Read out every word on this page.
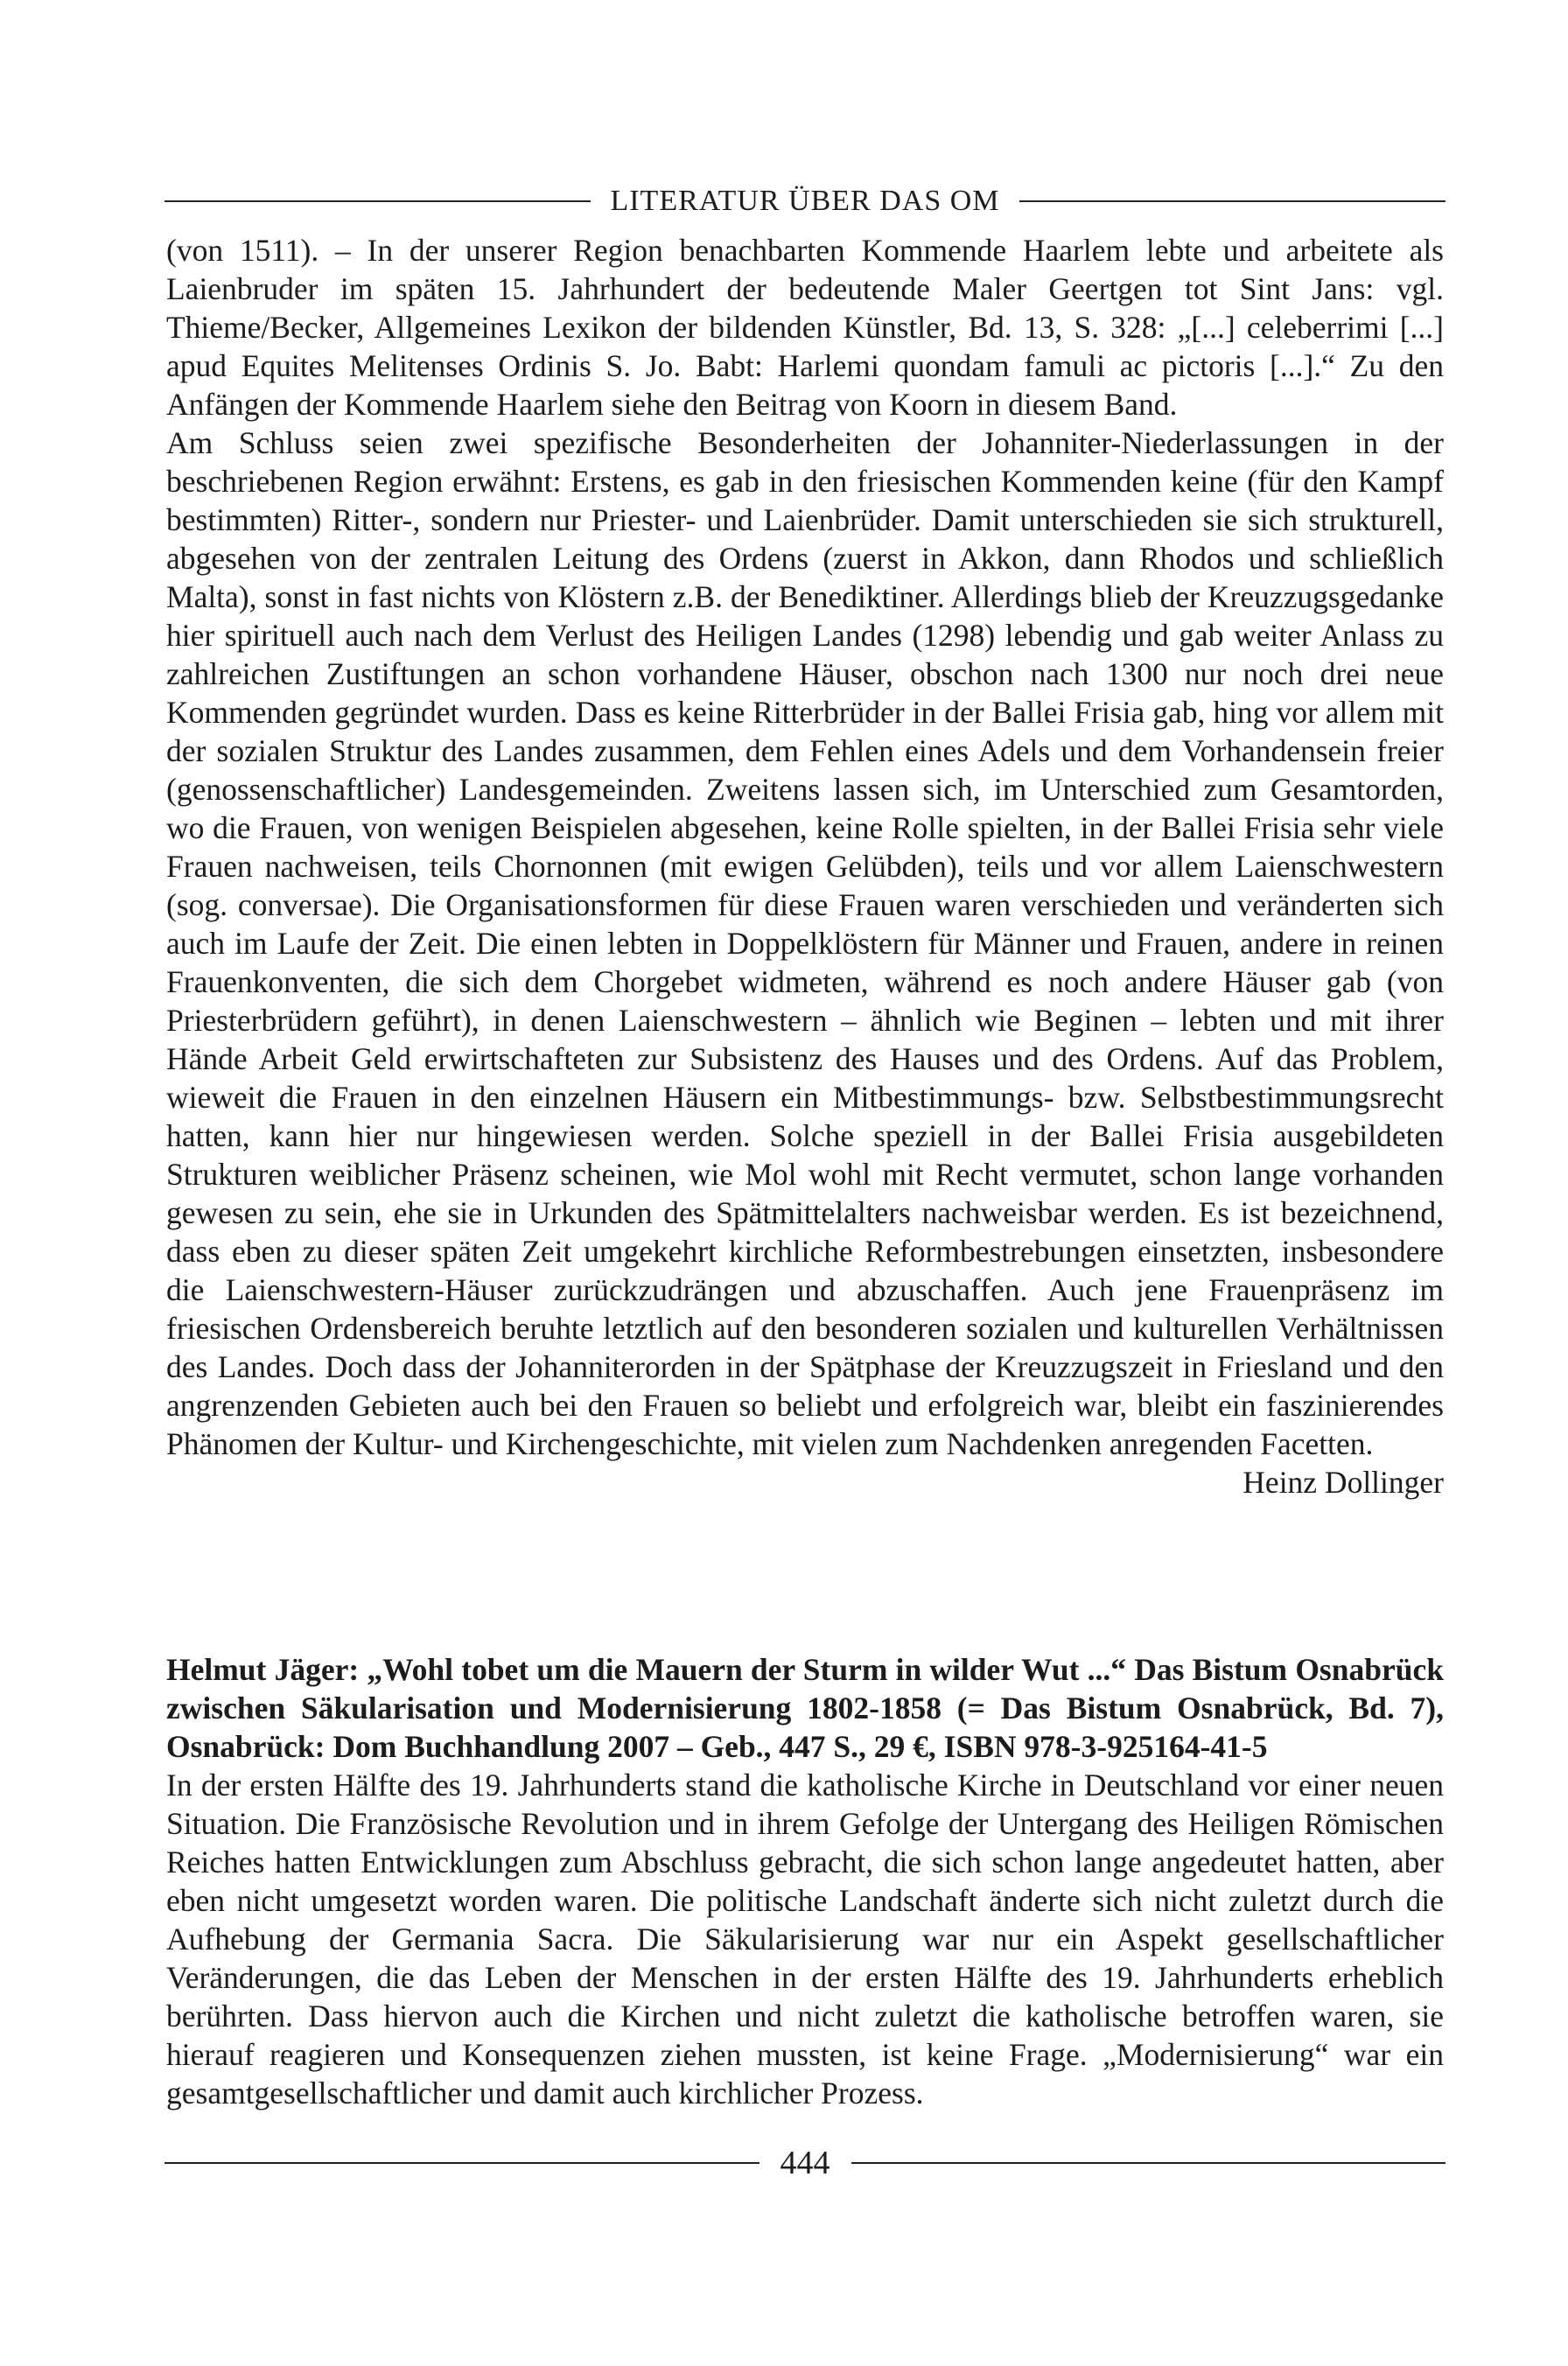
LITERATUR ÜBER DAS OM

(von 1511). – In der unserer Region benachbarten Kommende Haarlem lebte und arbeitete als Laienbruder im späten 15. Jahrhundert der bedeutende Maler Geertgen tot Sint Jans: vgl. Thieme/Becker, Allgemeines Lexikon der bildenden Künstler, Bd. 13, S. 328: „[...] celeberrimi [...] apud Equites Melitenses Ordinis S. Jo. Babt: Harlemi quondam famuli ac pictoris [...].“ Zu den Anfängen der Kommende Haarlem siehe den Beitrag von Koorn in diesem Band.

Am Schluss seien zwei spezifische Besonderheiten der Johanniter-Niederlassungen in der beschriebenen Region erwähnt: Erstens, es gab in den friesischen Kommenden keine (für den Kampf bestimmten) Ritter-, sondern nur Priester- und Laienbrüder. Damit unterschieden sie sich strukturell, abgesehen von der zentralen Leitung des Ordens (zuerst in Akkon, dann Rhodos und schließlich Malta), sonst in fast nichts von Klöstern z.B. der Benediktiner. Allerdings blieb der Kreuzzugsgedanke hier spirituell auch nach dem Verlust des Heiligen Landes (1298) lebendig und gab weiter Anlass zu zahlreichen Zustiftungen an schon vorhandene Häuser, obschon nach 1300 nur noch drei neue Kommenden gegründet wurden. Dass es keine Ritterbrüder in der Ballei Frisia gab, hing vor allem mit der sozialen Struktur des Landes zusammen, dem Fehlen eines Adels und dem Vorhandensein freier (genossenschaftlicher) Landesgemeinden. Zweitens lassen sich, im Unterschied zum Gesamtorden, wo die Frauen, von wenigen Beispielen abgesehen, keine Rolle spielten, in der Ballei Frisia sehr viele Frauen nachweisen, teils Chornonnen (mit ewigen Gelübden), teils und vor allem Laienschwestern (sog. conversae). Die Organisationsformen für diese Frauen waren verschieden und veränderten sich auch im Laufe der Zeit. Die einen lebten in Doppelklöstern für Männer und Frauen, andere in reinen Frauenkonventen, die sich dem Chorgebet widmeten, während es noch andere Häuser gab (von Priesterbrüdern geführt), in denen Laienschwestern – ähnlich wie Beginen – lebten und mit ihrer Hände Arbeit Geld erwirtschafteten zur Subsistenz des Hauses und des Ordens. Auf das Problem, wieweit die Frauen in den einzelnen Häusern ein Mitbestimmungs- bzw. Selbstbestimmungsrecht hatten, kann hier nur hingewiesen werden. Solche speziell in der Ballei Frisia ausgebildeten Strukturen weiblicher Präsenz scheinen, wie Mol wohl mit Recht vermutet, schon lange vorhanden gewesen zu sein, ehe sie in Urkunden des Spätmittelalters nachweisbar werden. Es ist bezeichnend, dass eben zu dieser späten Zeit umgekehrt kirchliche Reformbestrebungen einsetzten, insbesondere die Laienschwestern-Häuser zurückzudrängen und abzuschaffen. Auch jene Frauenpräsenz im friesischen Ordensbereich beruhte letztlich auf den besonderen sozialen und kulturellen Verhältnissen des Landes. Doch dass der Johanniterorden in der Spätphase der Kreuzzugszeit in Friesland und den angrenzenden Gebieten auch bei den Frauen so beliebt und erfolgreich war, bleibt ein faszinierendes Phänomen der Kultur- und Kirchengeschichte, mit vielen zum Nachdenken anregenden Facetten.

Heinz Dollinger

Helmut Jäger: „Wohl tobet um die Mauern der Sturm in wilder Wut ...“ Das Bistum Osnabrück zwischen Säkularisation und Modernisierung 1802-1858 (= Das Bistum Osnabrück, Bd. 7), Osnabrück: Dom Buchhandlung 2007 – Geb., 447 S., 29 €, ISBN 978-3-925164-41-5

In der ersten Hälfte des 19. Jahrhunderts stand die katholische Kirche in Deutschland vor einer neuen Situation. Die Französische Revolution und in ihrem Gefolge der Untergang des Heiligen Römischen Reiches hatten Entwicklungen zum Abschluss gebracht, die sich schon lange angedeutet hatten, aber eben nicht umgesetzt worden waren. Die politische Landschaft änderte sich nicht zuletzt durch die Aufhebung der Germania Sacra. Die Säkularisierung war nur ein Aspekt gesellschaftlicher Veränderungen, die das Leben der Menschen in der ersten Hälfte des 19. Jahrhunderts erheblich berührten. Dass hiervon auch die Kirchen und nicht zuletzt die katholische betroffen waren, sie hierauf reagieren und Konsequenzen ziehen mussten, ist keine Frage. „Modernisierung“ war ein gesamtgesellschaftlicher und damit auch kirchlicher Prozess.

444
